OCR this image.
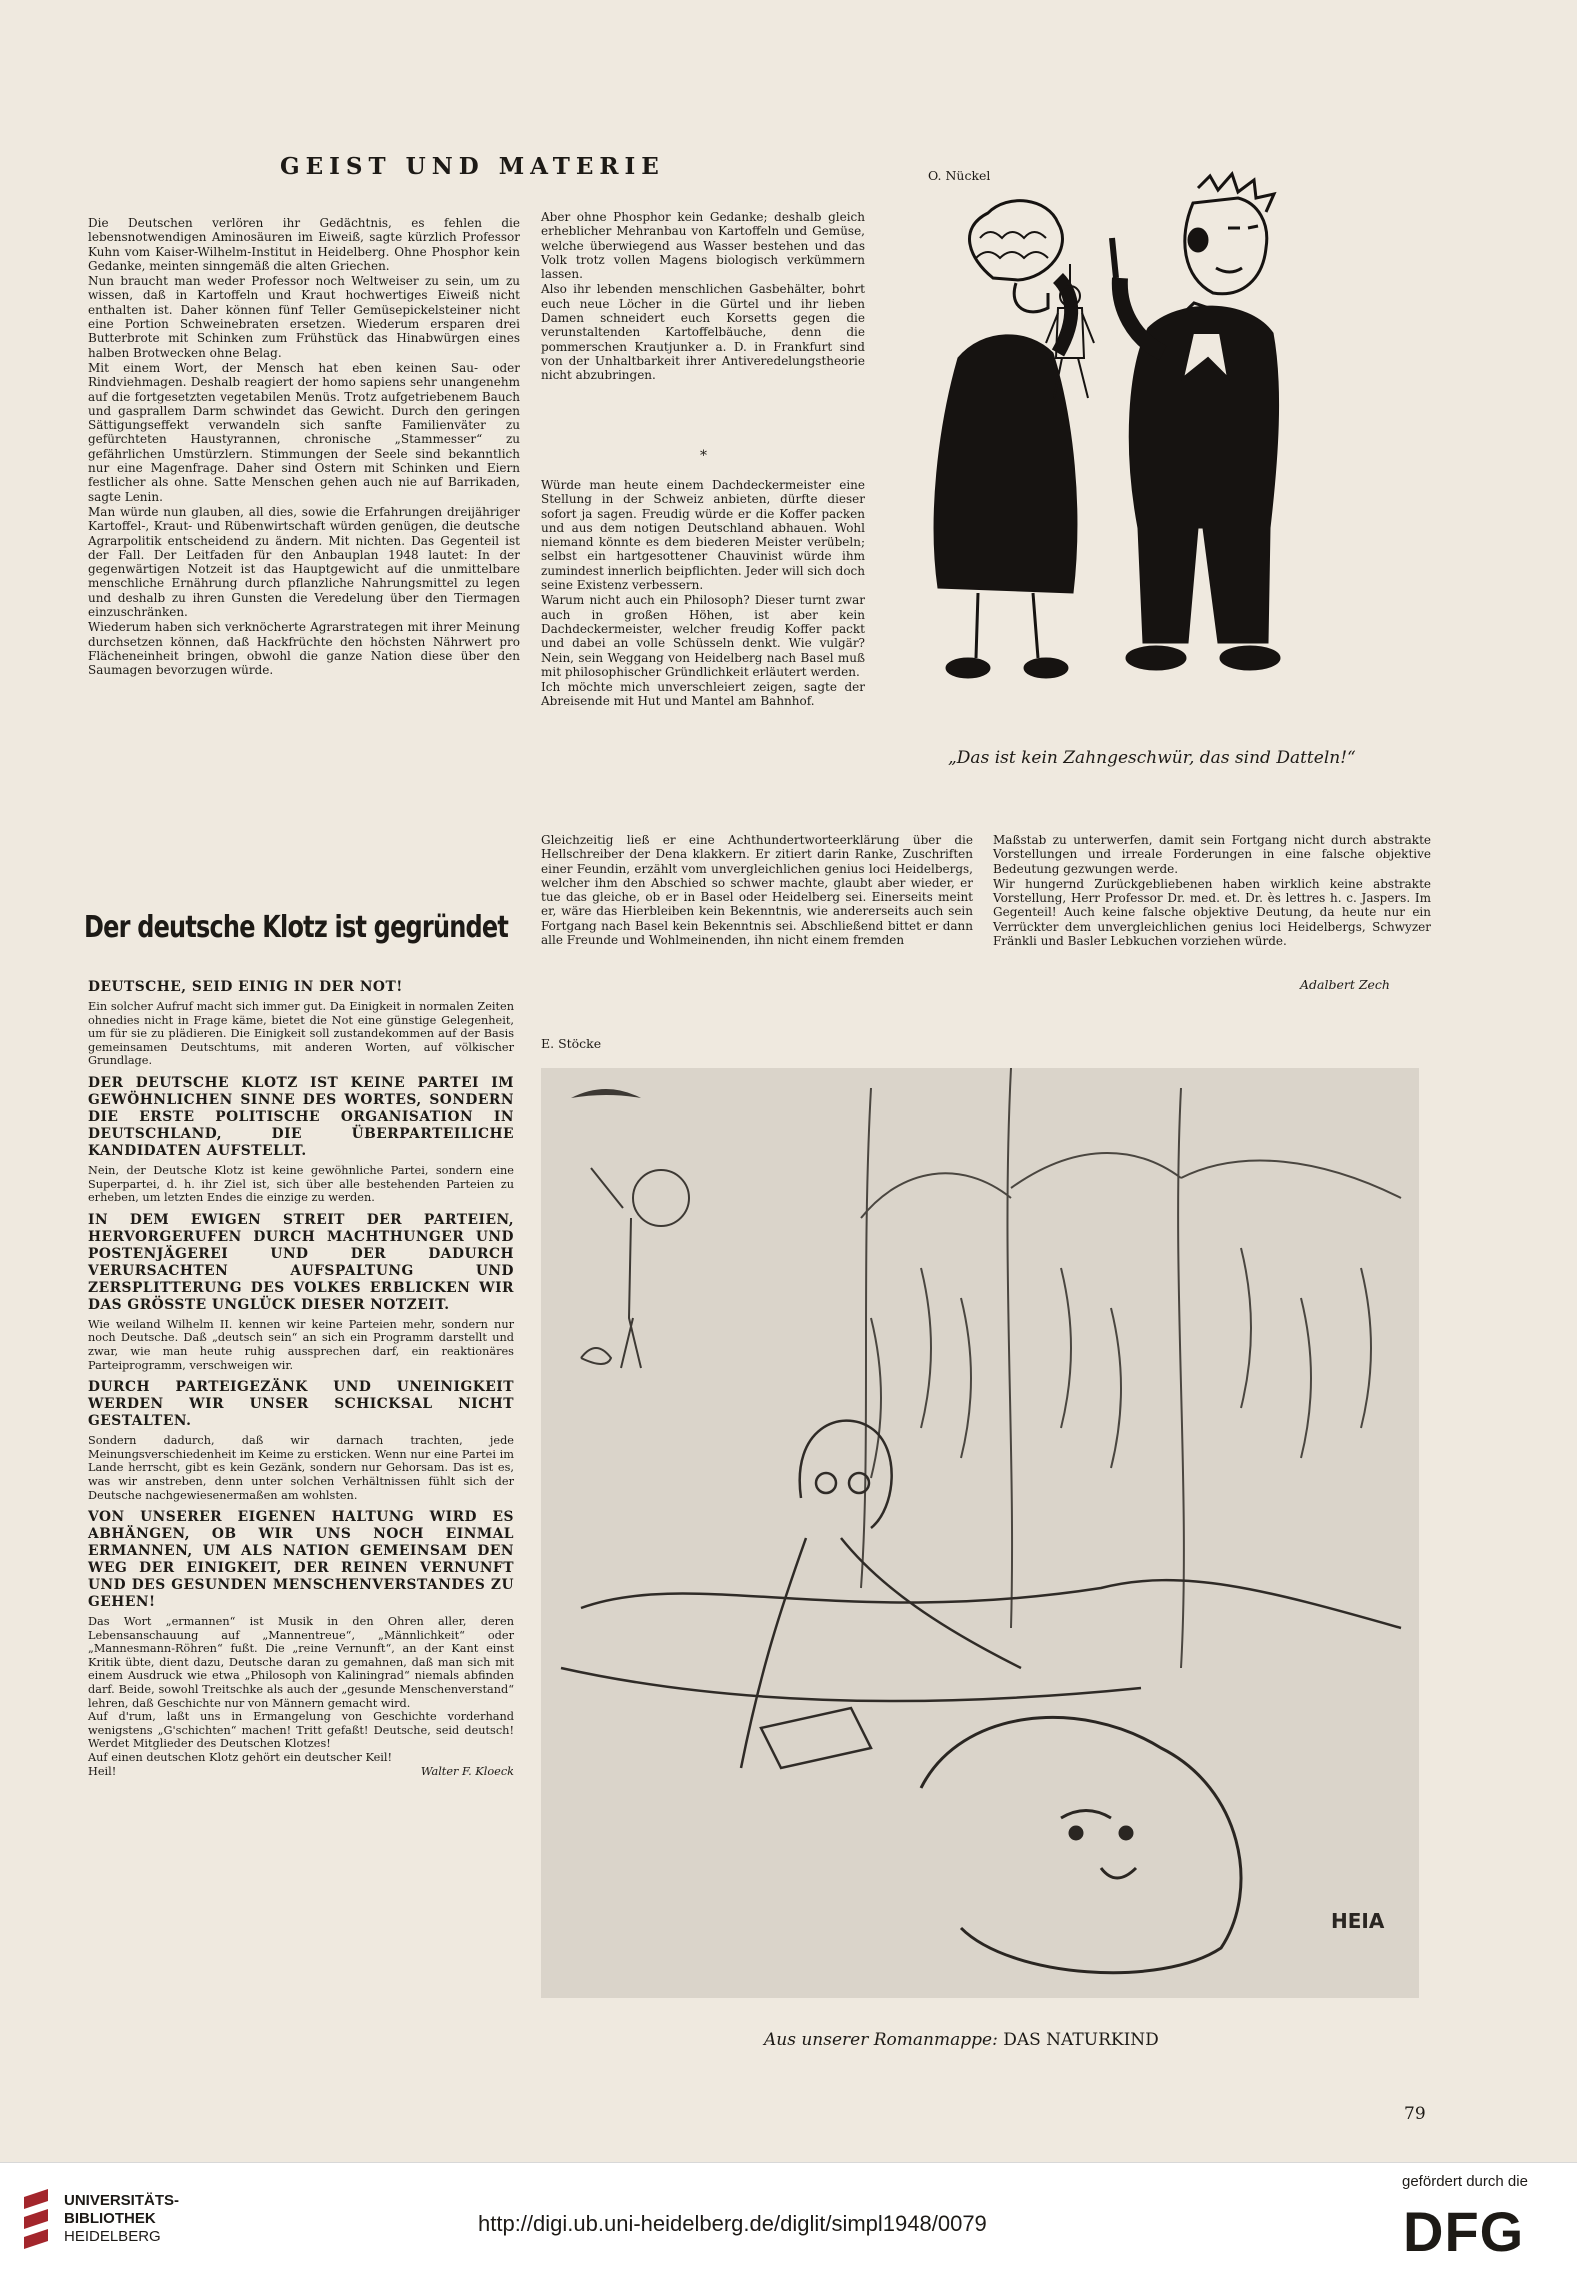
GEIST UND MATERIE

Die Deutschen verlören ihr Gedächtnis, es fehlen die lebensnotwendigen Aminosäuren im Eiweiß, sagte kürzlich Professor Kuhn vom Kaiser-Wilhelm-Institut in Heidelberg. Ohne Phosphor kein Gedanke, meinten sinngemäß die alten Griechen.

Nun braucht man weder Professor noch Weltweiser zu sein, um zu wissen, daß in Kartoffeln und Kraut hochwertiges Eiweiß nicht enthalten ist. Daher können fünf Teller Gemüsepickelsteiner nicht eine Portion Schweinebraten ersetzen. Wiederum ersparen drei Butterbrote mit Schinken zum Frühstück das Hinabwürgen eines halben Brotwecken ohne Belag.

Mit einem Wort, der Mensch hat eben keinen Sau- oder Rindviehmagen. Deshalb reagiert der homo sapiens sehr unangenehm auf die fortgesetzten vegetabilen Menüs. Trotz aufgetriebenem Bauch und gasprallem Darm schwindet das Gewicht. Durch den geringen Sättigungseffekt verwandeln sich sanfte Familienväter zu gefürchteten Haustyrannen, chronische „Stammesser“ zu gefährlichen Umstürzlern. Stimmungen der Seele sind bekanntlich nur eine Magenfrage. Daher sind Ostern mit Schinken und Eiern festlicher als ohne. Satte Menschen gehen auch nie auf Barrikaden, sagte Lenin.

Man würde nun glauben, all dies, sowie die Erfahrungen dreijähriger Kartoffel-, Kraut- und Rübenwirtschaft würden genügen, die deutsche Agrarpolitik entscheidend zu ändern. Mit nichten. Das Gegenteil ist der Fall. Der Leitfaden für den Anbauplan 1948 lautet: In der gegenwärtigen Notzeit ist das Hauptgewicht auf die unmittelbare menschliche Ernährung durch pflanzliche Nahrungsmittel zu legen und deshalb zu ihren Gunsten die Veredelung über den Tiermagen einzuschränken.

Wiederum haben sich verknöcherte Agrarstrategen mit ihrer Meinung durchsetzen können, daß Hackfrüchte den höchsten Nährwert pro Flächeneinheit bringen, obwohl die ganze Nation diese über den Saumagen bevorzugen würde.

Aber ohne Phosphor kein Gedanke; deshalb gleich erheblicher Mehranbau von Kartoffeln und Gemüse, welche überwiegend aus Wasser bestehen und das Volk trotz vollen Magens biologisch verkümmern lassen.

Also ihr lebenden menschlichen Gasbehälter, bohrt euch neue Löcher in die Gürtel und ihr lieben Damen schneidert euch Korsetts gegen die verunstaltenden Kartoffelbäuche, denn die pommerschen Krautjunker a. D. in Frankfurt sind von der Unhaltbarkeit ihrer Antiveredelungstheorie nicht abzubringen.

*

Würde man heute einem Dachdeckermeister eine Stellung in der Schweiz anbieten, dürfte dieser sofort ja sagen. Freudig würde er die Koffer packen und aus dem notigen Deutschland abhauen. Wohl niemand könnte es dem biederen Meister verübeln; selbst ein hartgesottener Chauvinist würde ihm zumindest innerlich beipflichten. Jeder will sich doch seine Existenz verbessern.

Warum nicht auch ein Philosoph? Dieser turnt zwar auch in großen Höhen, ist aber kein Dachdeckermeister, welcher freudig Koffer packt und dabei an volle Schüsseln denkt. Wie vulgär? Nein, sein Weggang von Heidelberg nach Basel muß mit philosophischer Gründlichkeit erläutert werden.

Ich möchte mich unverschleiert zeigen, sagte der Abreisende mit Hut und Mantel am Bahnhof.

Gleichzeitig ließ er eine Achthundertworteerklärung über die Hellschreiber der Dena klakkern. Er zitiert darin Ranke, Zuschriften einer Feundin, erzählt vom unvergleichlichen genius loci Heidelbergs, welcher ihm den Abschied so schwer machte, glaubt aber wieder, er tue das gleiche, ob er in Basel oder Heidelberg sei. Einerseits meint er, wäre das Hierbleiben kein Bekenntnis, wie andererseits auch sein Fortgang nach Basel kein Bekenntnis sei. Abschließend bittet er dann alle Freunde und Wohlmeinenden, ihn nicht einem fremden

Maßstab zu unterwerfen, damit sein Fortgang nicht durch abstrakte Vorstellungen und irreale Forderungen in eine falsche objektive Bedeutung gezwungen werde.

Wir hungernd Zurückgebliebenen haben wirklich keine abstrakte Vorstellung, Herr Professor Dr. med. et. Dr. ès lettres h. c. Jaspers. Im Gegenteil! Auch keine falsche objektive Deutung, da heute nur ein Verrückter dem unvergleichlichen genius loci Heidelbergs, Schwyzer Fränkli und Basler Lebkuchen vorziehen würde.

Adalbert Zech
O. Nückel
„Das ist kein Zahngeschwür, das sind Datteln!“
Der deutsche Klotz ist gegründet
DEUTSCHE, SEID EINIG IN DER NOT!

Ein solcher Aufruf macht sich immer gut. Da Einigkeit in normalen Zeiten ohnedies nicht in Frage käme, bietet die Not eine günstige Gelegenheit, um für sie zu plädieren. Die Einigkeit soll zustandekommen auf der Basis gemeinsamen Deutschtums, mit anderen Worten, auf völkischer Grundlage.

DER DEUTSCHE KLOTZ IST KEINE PARTEI IM GEWÖHNLICHEN SINNE DES WORTES, SONDERN DIE ERSTE POLITISCHE ORGANISATION IN DEUTSCHLAND, DIE ÜBERPARTEILICHE KANDIDATEN AUFSTELLT.

Nein, der Deutsche Klotz ist keine gewöhnliche Partei, sondern eine Superpartei, d. h. ihr Ziel ist, sich über alle bestehenden Parteien zu erheben, um letzten Endes die einzige zu werden.

IN DEM EWIGEN STREIT DER PARTEIEN, HERVORGERUFEN DURCH MACHTHUNGER UND POSTENJÄGEREI UND DER DADURCH VERURSACHTEN AUFSPALTUNG UND ZERSPLITTERUNG DES VOLKES ERBLICKEN WIR DAS GRÖSSTE UNGLÜCK DIESER NOTZEIT.

Wie weiland Wilhelm II. kennen wir keine Parteien mehr, sondern nur noch Deutsche. Daß „deutsch sein“ an sich ein Programm darstellt und zwar, wie man heute ruhig aussprechen darf, ein reaktionäres Parteiprogramm, verschweigen wir.

DURCH PARTEIGEZÄNK UND UNEINIGKEIT WERDEN WIR UNSER SCHICKSAL NICHT GESTALTEN.

Sondern dadurch, daß wir darnach trachten, jede Meinungsverschiedenheit im Keime zu ersticken. Wenn nur eine Partei im Lande herrscht, gibt es kein Gezänk, sondern nur Gehorsam. Das ist es, was wir anstreben, denn unter solchen Verhältnissen fühlt sich der Deutsche nachgewiesenermaßen am wohlsten.

VON UNSERER EIGENEN HALTUNG WIRD ES ABHÄNGEN, OB WIR UNS NOCH EINMAL ERMANNEN, UM ALS NATION GEMEINSAM DEN WEG DER EINIGKEIT, DER REINEN VERNUNFT UND DES GESUNDEN MENSCHENVERSTANDES ZU GEHEN!

Das Wort „ermannen“ ist Musik in den Ohren aller, deren Lebensanschauung auf „Mannentreue“, „Männlichkeit“ oder „Mannesmann-Röhren“ fußt. Die „reine Vernunft“, an der Kant einst Kritik übte, dient dazu, Deutsche daran zu gemahnen, daß man sich mit einem Ausdruck wie etwa „Philosoph von Kaliningrad“ niemals abfinden darf. Beide, sowohl Treitschke als auch der „gesunde Menschenverstand“ lehren, daß Geschichte nur von Männern gemacht wird.

Auf d'rum, laßt uns in Ermangelung von Geschichte vorderhand wenigstens „G'schichten“ machen! Tritt gefaßt! Deutsche, seid deutsch! Werdet Mitglieder des Deutschen Klotzes!

Auf einen deutschen Klotz gehört ein deutscher Keil!

Heil!	Walter F. Kloeck
E. Stöcke
HEIA
Aus unserer Romanmappe: DAS NATURKIND
79
UNIVERSITÄTS-
BIBLIOTHEK
HEIDELBERG
http://digi.ub.uni-heidelberg.de/diglit/simpl1948/0079
gefördert durch die
DFG
